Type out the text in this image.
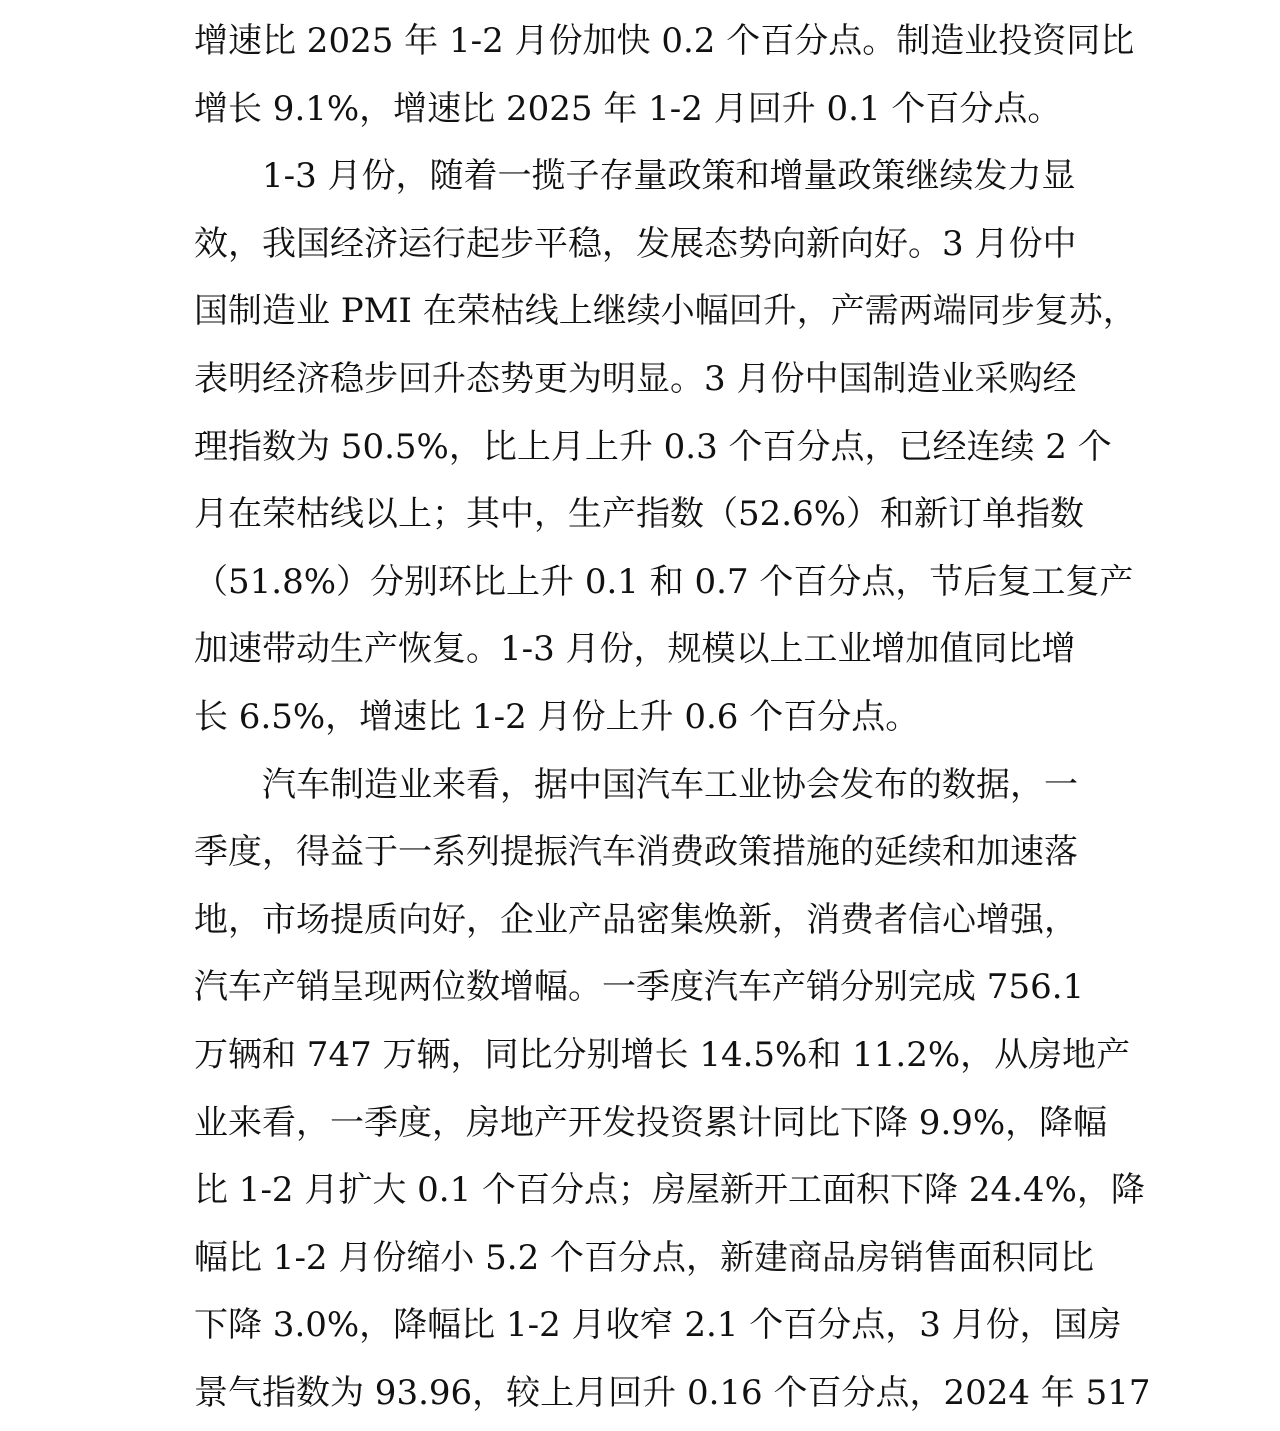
增速比 2025 年 1-2 月份加快 0.2 个百分点。制造业投资同比
增长 9.1%，增速比 2025 年 1-2 月回升 0.1 个百分点。
1-3 月份，随着一揽子存量政策和增量政策继续发力显
效，我国经济运行起步平稳，发展态势向新向好。3 月份中
国制造业 PMI 在荣枯线上继续小幅回升，产需两端同步复苏，
表明经济稳步回升态势更为明显。3 月份中国制造业采购经
理指数为 50.5%，比上月上升 0.3 个百分点，已经连续 2 个
月在荣枯线以上；其中，生产指数（52.6%）和新订单指数
（51.8%）分别环比上升 0.1 和 0.7 个百分点，节后复工复产
加速带动生产恢复。1-3 月份，规模以上工业增加值同比增
长 6.5%，增速比 1-2 月份上升 0.6 个百分点。
汽车制造业来看，据中国汽车工业协会发布的数据，一
季度，得益于一系列提振汽车消费政策措施的延续和加速落
地，市场提质向好，企业产品密集焕新，消费者信心增强，
汽车产销呈现两位数增幅。一季度汽车产销分别完成 756.1
万辆和 747 万辆，同比分别增长 14.5%和 11.2%，从房地产
业来看，一季度，房地产开发投资累计同比下降 9.9%，降幅
比 1-2 月扩大 0.1 个百分点；房屋新开工面积下降 24.4%，降
幅比 1-2 月份缩小 5.2 个百分点，新建商品房销售面积同比
下降 3.0%，降幅比 1-2 月收窄 2.1 个百分点，3 月份，国房
景气指数为 93.96，较上月回升 0.16 个百分点，2024 年 517
